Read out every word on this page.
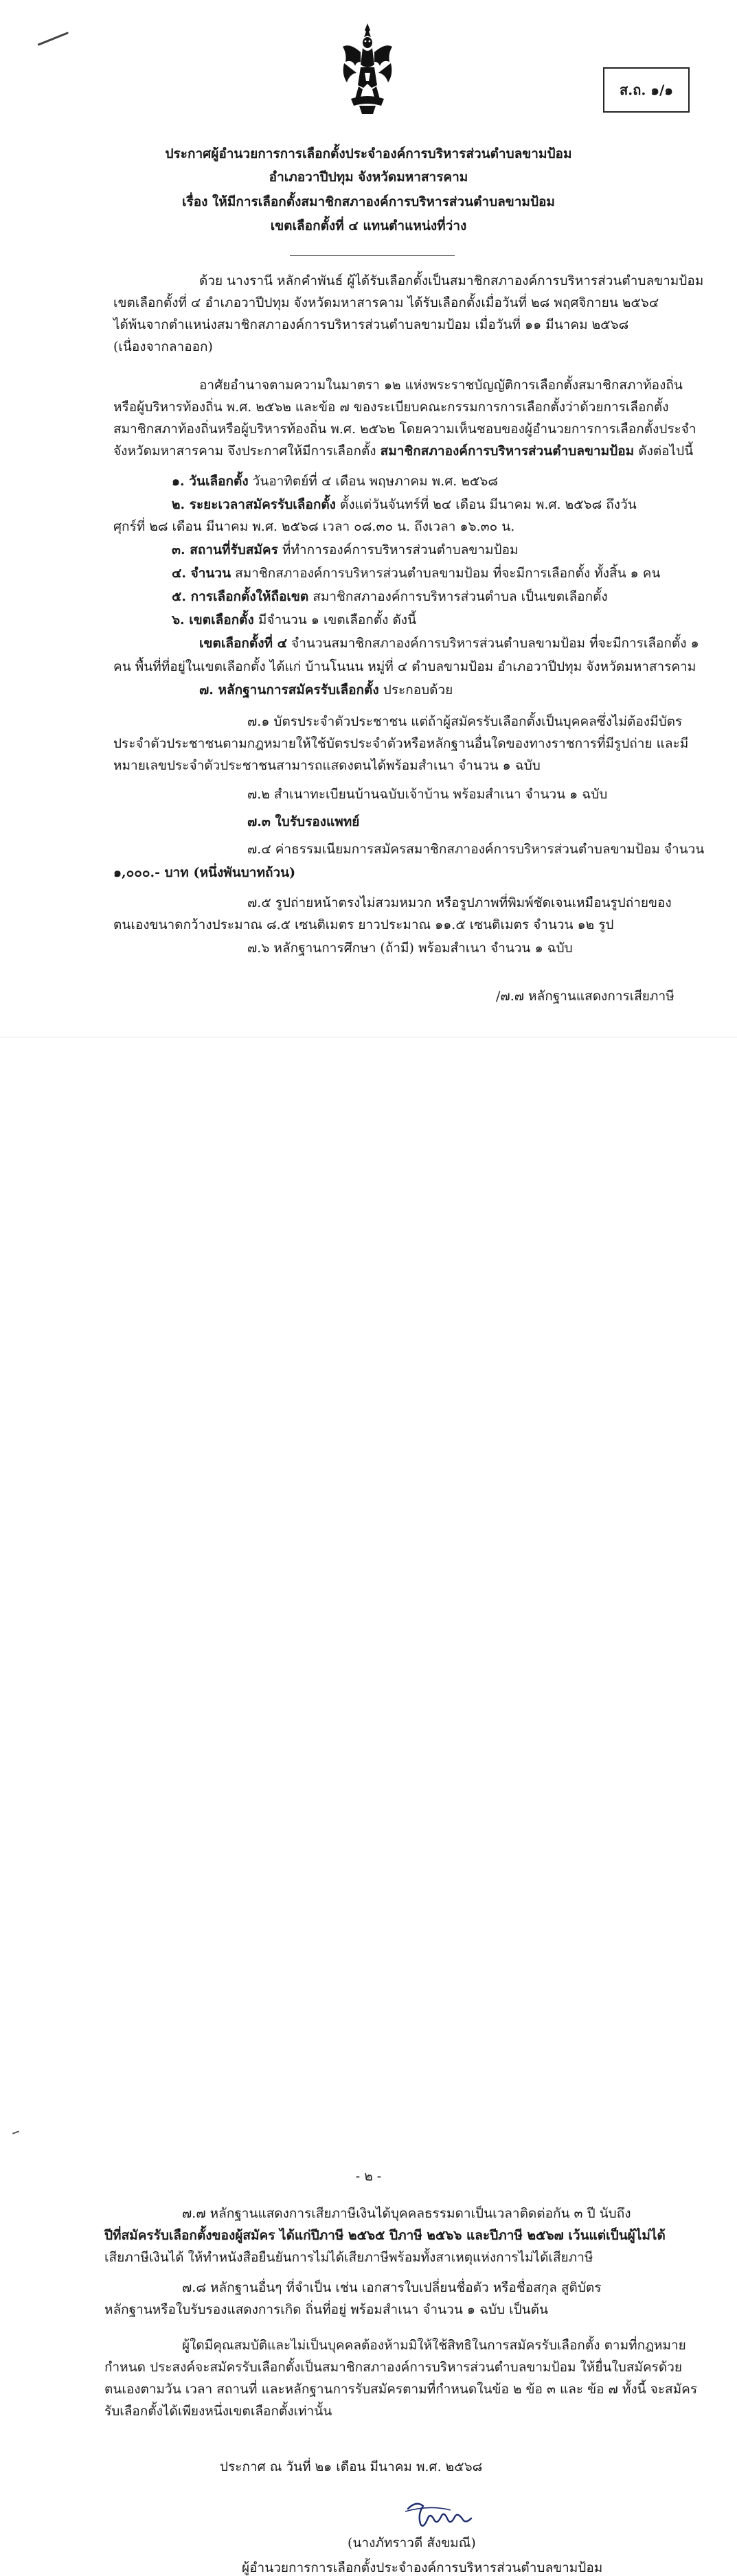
ส.ถ. ๑/๑
ประกาศผู้อำนวยการการเลือกตั้งประจำองค์การบริหารส่วนตำบลขามป้อม
อำเภอวาปีปทุม จังหวัดมหาสารคาม
เรื่อง ให้มีการเลือกตั้งสมาชิกสภาองค์การบริหารส่วนตำบลขามป้อม
เขตเลือกตั้งที่ ๔ แทนตำแหน่งที่ว่าง
ด้วย นางรานี หลักคำพันธ์ ผู้ได้รับเลือกตั้งเป็นสมาชิกสภาองค์การบริหารส่วนตำบลขามป้อม
เขตเลือกตั้งที่ ๔ อำเภอวาปีปทุม จังหวัดมหาสารคาม ได้รับเลือกตั้งเมื่อวันที่ ๒๘ พฤศจิกายน ๒๕๖๔
ได้พ้นจากตำแหน่งสมาชิกสภาองค์การบริหารส่วนตำบลขามป้อม เมื่อวันที่ ๑๑ มีนาคม ๒๕๖๘
(เนื่องจากลาออก)
อาศัยอำนาจตามความในมาตรา ๑๒ แห่งพระราชบัญญัติการเลือกตั้งสมาชิกสภาท้องถิ่น
หรือผู้บริหารท้องถิ่น พ.ศ. ๒๕๖๒ และข้อ ๗ ของระเบียบคณะกรรมการการเลือกตั้งว่าด้วยการเลือกตั้ง
สมาชิกสภาท้องถิ่นหรือผู้บริหารท้องถิ่น พ.ศ. ๒๕๖๒ โดยความเห็นชอบของผู้อำนวยการการเลือกตั้งประจำ
จังหวัดมหาสารคาม จึงประกาศให้มีการเลือกตั้ง สมาชิกสภาองค์การบริหารส่วนตำบลขามป้อม ดังต่อไปนี้
๑. วันเลือกตั้ง วันอาทิตย์ที่ ๔ เดือน พฤษภาคม พ.ศ. ๒๕๖๘
๒. ระยะเวลาสมัครรับเลือกตั้ง ตั้งแต่วันจันทร์ที่ ๒๔ เดือน มีนาคม พ.ศ. ๒๕๖๘ ถึงวัน
ศุกร์ที่ ๒๘ เดือน มีนาคม พ.ศ. ๒๕๖๘ เวลา ๐๘.๓๐ น. ถึงเวลา ๑๖.๓๐ น.
๓. สถานที่รับสมัคร ที่ทำการองค์การบริหารส่วนตำบลขามป้อม
๔. จำนวน สมาชิกสภาองค์การบริหารส่วนตำบลขามป้อม ที่จะมีการเลือกตั้ง ทั้งสิ้น ๑ คน
๕. การเลือกตั้งให้ถือเขต สมาชิกสภาองค์การบริหารส่วนตำบล เป็นเขตเลือกตั้ง
๖. เขตเลือกตั้ง มีจำนวน ๑ เขตเลือกตั้ง ดังนี้
เขตเลือกตั้งที่ ๔ จำนวนสมาชิกสภาองค์การบริหารส่วนตำบลขามป้อม ที่จะมีการเลือกตั้ง ๑
คน พื้นที่ที่อยู่ในเขตเลือกตั้ง ได้แก่ บ้านโนนน หมู่ที่ ๔ ตำบลขามป้อม อำเภอวาปีปทุม จังหวัดมหาสารคาม
๗. หลักฐานการสมัครรับเลือกตั้ง ประกอบด้วย
๗.๑ บัตรประจำตัวประชาชน แต่ถ้าผู้สมัครรับเลือกตั้งเป็นบุคคลซึ่งไม่ต้องมีบัตร
ประจำตัวประชาชนตามกฎหมายให้ใช้บัตรประจำตัวหรือหลักฐานอื่นใดของทางราชการที่มีรูปถ่าย และมี
หมายเลขประจำตัวประชาชนสามารถแสดงตนได้พร้อมสำเนา จำนวน ๑ ฉบับ
๗.๒ สำเนาทะเบียนบ้านฉบับเจ้าบ้าน พร้อมสำเนา จำนวน ๑ ฉบับ
๗.๓ ใบรับรองแพทย์
๗.๔ ค่าธรรมเนียมการสมัครสมาชิกสภาองค์การบริหารส่วนตำบลขามป้อม จำนวน
๑,๐๐๐.- บาท (หนึ่งพันบาทถ้วน)
๗.๕ รูปถ่ายหน้าตรงไม่สวมหมวก หรือรูปภาพที่พิมพ์ชัดเจนเหมือนรูปถ่ายของ
ตนเองขนาดกว้างประมาณ ๘.๕ เซนติเมตร ยาวประมาณ ๑๑.๕ เซนติเมตร จำนวน ๑๒ รูป
๗.๖ หลักฐานการศึกษา (ถ้ามี) พร้อมสำเนา จำนวน ๑ ฉบับ
/๗.๗ หลักฐานแสดงการเสียภาษี
- ๒ -
๗.๗ หลักฐานแสดงการเสียภาษีเงินได้บุคคลธรรมดาเป็นเวลาติดต่อกัน ๓ ปี นับถึง
ปีที่สมัครรับเลือกตั้งของผู้สมัคร ได้แก่ปีภาษี ๒๕๖๕ ปีภาษี ๒๕๖๖ และปีภาษี ๒๕๖๗ เว้นแต่เป็นผู้ไม่ได้
เสียภาษีเงินได้ ให้ทำหนังสือยืนยันการไม่ได้เสียภาษีพร้อมทั้งสาเหตุแห่งการไม่ได้เสียภาษี
๗.๘ หลักฐานอื่นๆ ที่จำเป็น เช่น เอกสารใบเปลี่ยนชื่อตัว หรือชื่อสกุล สูติบัตร
หลักฐานหรือใบรับรองแสดงการเกิด ถิ่นที่อยู่ พร้อมสำเนา จำนวน ๑ ฉบับ เป็นต้น
ผู้ใดมีคุณสมบัติและไม่เป็นบุคคลต้องห้ามมิให้ใช้สิทธิในการสมัครรับเลือกตั้ง ตามที่กฎหมาย
กำหนด ประสงค์จะสมัครรับเลือกตั้งเป็นสมาชิกสภาองค์การบริหารส่วนตำบลขามป้อม ให้ยื่นใบสมัครด้วย
ตนเองตามวัน เวลา สถานที่ และหลักฐานการรับสมัครตามที่กำหนดในข้อ ๒ ข้อ ๓ และ ข้อ ๗ ทั้งนี้ จะสมัคร
รับเลือกตั้งได้เพียงหนึ่งเขตเลือกตั้งเท่านั้น
ประกาศ ณ วันที่ ๒๑ เดือน มีนาคม พ.ศ. ๒๕๖๘
(นางภัทราวดี สังขมณี)
ผู้อำนวยการการเลือกตั้งประจำองค์การบริหารส่วนตำบลขามป้อม
